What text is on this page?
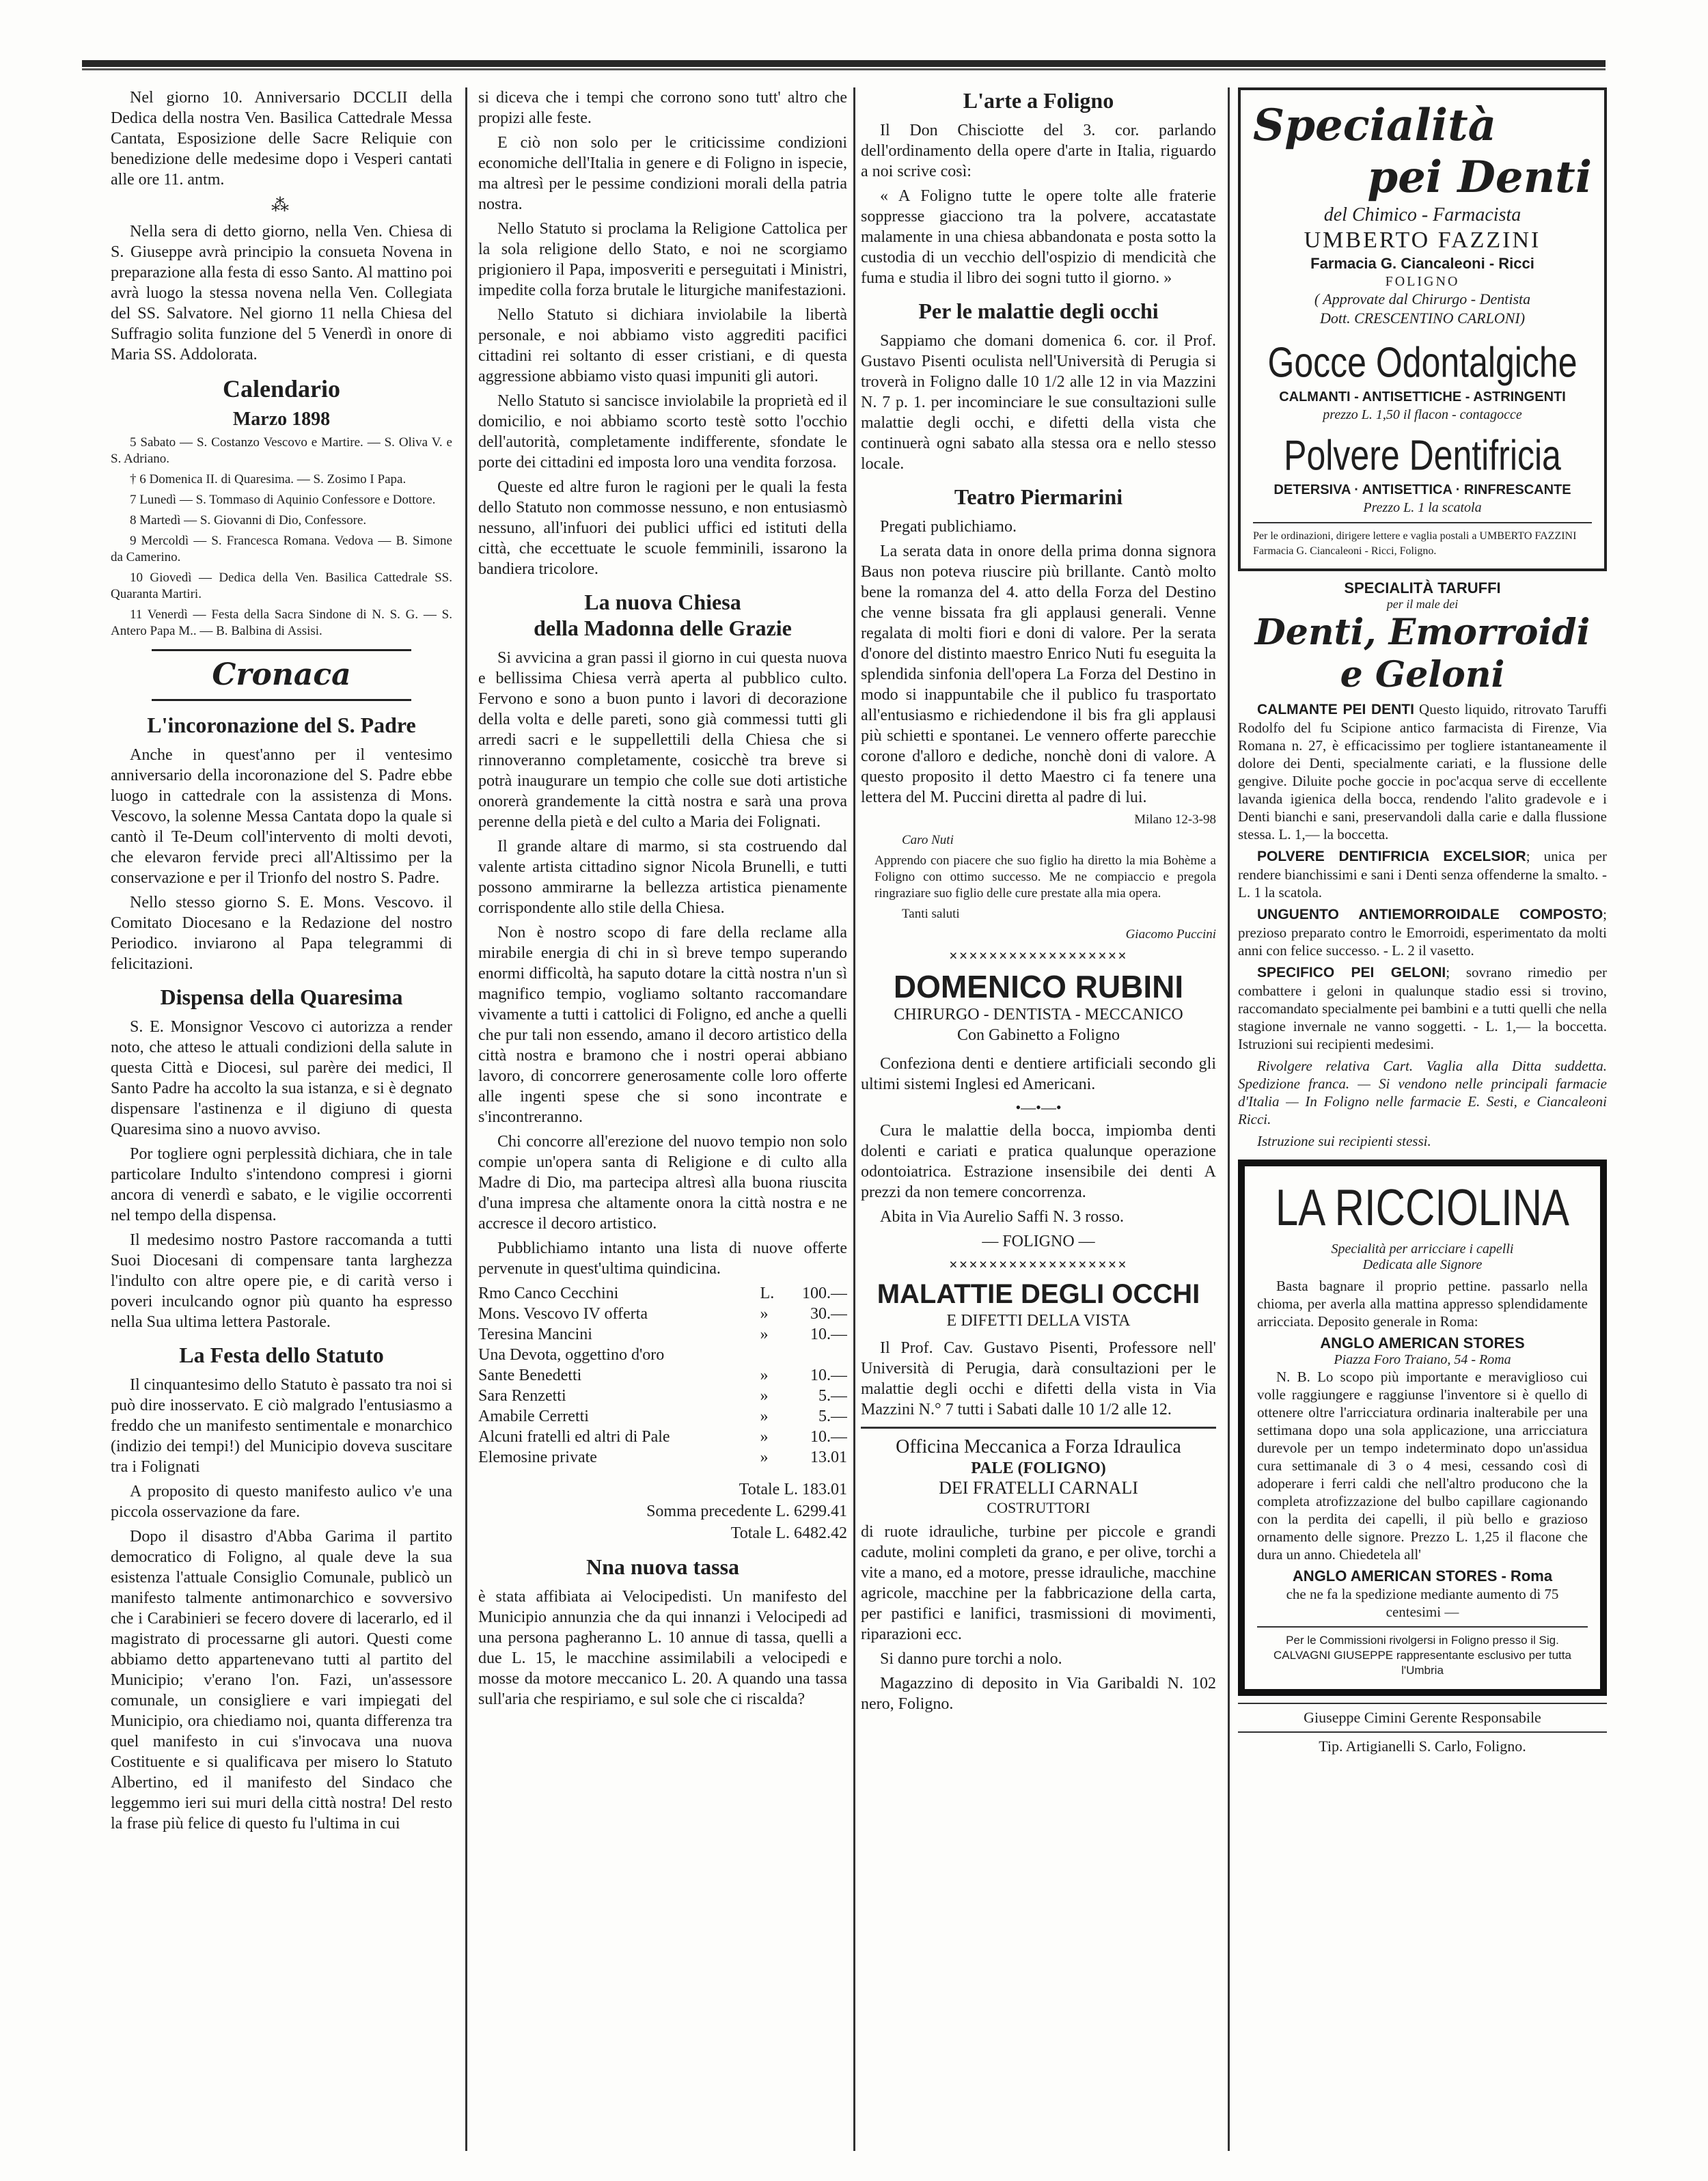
Nel giorno 10. Anniversario DCCLII della Dedica della nostra Ven. Basilica Cattedrale Messa Cantata, Esposizione delle Sacre Reliquie con benedizione delle medesime dopo i Vesperi cantati alle ore 11. antm.

⁂

Nella sera di detto giorno, nella Ven. Chiesa di S. Giuseppe avrà principio la consueta Novena in preparazione alla festa di esso Santo. Al mattino poi avrà luogo la stessa novena nella Ven. Collegiata del SS. Salvatore. Nel giorno 11 nella Chiesa del Suffragio solita funzione del 5 Venerdì in onore di Maria SS. Addolorata.

Calendario
Marzo 1898

5 Sabato — S. Costanzo Vescovo e Martire. — S. Oliva V. e S. Adriano.

† 6 Domenica II. di Quaresima. — S. Zosimo I Papa.

7 Lunedì — S. Tommaso di Aquinio Confessore e Dottore.

8 Martedì — S. Giovanni di Dio, Confessore.

9 Mercoldì — S. Francesca Romana. Vedova — B. Simone da Camerino.

10 Giovedì — Dedica della Ven. Basilica Cattedrale SS. Quaranta Martiri.

11 Venerdì — Festa della Sacra Sindone di N. S. G. — S. Antero Papa M.. — B. Balbina di Assisi.

Cronaca
L'incoronazione del S. Padre

Anche in quest'anno per il ventesimo anniversario della incoronazione del S. Padre ebbe luogo in cattedrale con la assistenza di Mons. Vescovo, la solenne Messa Cantata dopo la quale si cantò il Te-Deum coll'intervento di molti devoti, che elevaron fervide preci all'Altissimo per la conservazione e per il Trionfo del nostro S. Padre.

Nello stesso giorno S. E. Mons. Vescovo. il Comitato Diocesano e la Redazione del nostro Periodico. inviarono al Papa telegrammi di felicitazioni.

Dispensa della Quaresima

S. E. Monsignor Vescovo ci autorizza a render noto, che atteso le attuali condizioni della salute in questa Città e Diocesi, sul parère dei medici, Il Santo Padre ha accolto la sua istanza, e si è degnato dispensare l'astinenza e il digiuno di questa Quaresima sino a nuovo avviso.

Por togliere ogni perplessità dichiara, che in tale particolare Indulto s'intendono compresi i giorni ancora di venerdì e sabato, e le vigilie occorrenti nel tempo della dispensa.

Il medesimo nostro Pastore raccomanda a tutti Suoi Diocesani di compensare tanta larghezza l'indulto con altre opere pie, e di carità verso i poveri inculcando ognor più quanto ha espresso nella Sua ultima lettera Pastorale.

La Festa dello Statuto

Il cinquantesimo dello Statuto è passato tra noi si può dire inosservato. E ciò malgrado l'entusiasmo a freddo che un manifesto sentimentale e monarchico (indizio dei tempi!) del Municipio doveva suscitare tra i Folignati

A proposito di questo manifesto aulico v'e una piccola osservazione da fare.

Dopo il disastro d'Abba Garima il partito democratico di Foligno, al quale deve la sua esistenza l'attuale Consiglio Comunale, publicò un manifesto talmente antimonarchico e sovversivo che i Carabinieri se fecero dovere di lacerarlo, ed il magistrato di processarne gli autori. Questi come abbiamo detto appartenevano tutti al partito del Municipio; v'erano l'on. Fazi, un'assessore comunale, un consigliere e vari impiegati del Municipio, ora chiediamo noi, quanta differenza tra quel manifesto in cui s'invocava una nuova Costituente e si qualificava per misero lo Statuto Albertino, ed il manifesto del Sindaco che leggemmo ieri sui muri della città nostra! Del resto la frase più felice di questo fu l'ultima in cui

si diceva che i tempi che corrono sono tutt' altro che propizi alle feste.

E ciò non solo per le criticissime condizioni economiche dell'Italia in genere e di Foligno in ispecie, ma altresì per le pessime condizioni morali della patria nostra.

Nello Statuto si proclama la Religione Cattolica per la sola religione dello Stato, e noi ne scorgiamo prigioniero il Papa, imposveriti e perseguitati i Ministri, impedite colla forza brutale le liturgiche manifestazioni.

Nello Statuto si dichiara inviolabile la libertà personale, e noi abbiamo visto aggrediti pacifici cittadini rei soltanto di esser cristiani, e di questa aggressione abbiamo visto quasi impuniti gli autori.

Nello Statuto si sancisce inviolabile la proprietà ed il domicilio, e noi abbiamo scorto testè sotto l'occhio dell'autorità, completamente indifferente, sfondate le porte dei cittadini ed imposta loro una vendita forzosa.

Queste ed altre furon le ragioni per le quali la festa dello Statuto non commosse nessuno, e non entusiasmò nessuno, all'infuori dei publici uffici ed istituti della città, che eccettuate le scuole femminili, issarono la bandiera tricolore.

La nuova Chiesa
della Madonna delle Grazie

Si avvicina a gran passi il giorno in cui questa nuova e bellissima Chiesa verrà aperta al pubblico culto. Fervono e sono a buon punto i lavori di decorazione della volta e delle pareti, sono già commessi tutti gli arredi sacri e le suppellettili della Chiesa che si rinnoveranno completamente, cosicchè tra breve si potrà inaugurare un tempio che colle sue doti artistiche onorerà grandemente la città nostra e sarà una prova perenne della pietà e del culto a Maria dei Folignati.

Il grande altare di marmo, si sta costruendo dal valente artista cittadino signor Nicola Brunelli, e tutti possono ammirarne la bellezza artistica pienamente corrispondente allo stile della Chiesa.

Non è nostro scopo di fare della reclame alla mirabile energia di chi in sì breve tempo superando enormi difficoltà, ha saputo dotare la città nostra n'un sì magnifico tempio, vogliamo soltanto raccomandare vivamente a tutti i cattolici di Foligno, ed anche a quelli che pur tali non essendo, amano il decoro artistico della città nostra e bramono che i nostri operai abbiano lavoro, di concorrere generosamente colle loro offerte alle ingenti spese che si sono incontrate e s'incontreranno.

Chi concorre all'erezione del nuovo tempio non solo compie un'opera santa di Religione e di culto alla Madre di Dio, ma partecipa altresì alla buona riuscita d'una impresa che altamente onora la città nostra e ne accresce il decoro artistico.

Pubblichiamo intanto una lista di nuove offerte pervenute in quest'ultima quindicina.

Rmo Canco Cecchini	L.	100.—
Mons. Vescovo IV offerta	»	30.—
Teresina Mancini	»	10.—
Una Devota, oggettino d'oro		
Sante Benedetti	»	10.—
Sara Renzetti	»	5.—
Amabile Cerretti	»	5.—
Alcuni fratelli ed altri di Pale	»	10.—
Elemosine private	»	13.01

Totale L. 183.01

Somma precedente L. 6299.41

Totale L. 6482.42

Nna nuova tassa

è stata affibiata ai Velocipedisti. Un manifesto del Municipio annunzia che da qui innanzi i Velocipedi ad una persona pagheranno L. 10 annue di tassa, quelli a due L. 15, le macchine assimilabili a velocipedi e mosse da motore meccanico L. 20. A quando una tassa sull'aria che respiriamo, e sul sole che ci riscalda?

L'arte a Foligno

Il Don Chisciotte del 3. cor. parlando dell'ordinamento della opere d'arte in Italia, riguardo a noi scrive così:

« A Foligno tutte le opere tolte alle fraterie soppresse giacciono tra la polvere, accatastate malamente in una chiesa abbandonata e posta sotto la custodia di un vecchio dell'ospizio di mendicità che fuma e studia il libro dei sogni tutto il giorno. »

Per le malattie degli occhi

Sappiamo che domani domenica 6. cor. il Prof. Gustavo Pisenti oculista nell'Università di Perugia si troverà in Foligno dalle 10 1/2 alle 12 in via Mazzini N. 7 p. 1. per incominciare le sue consultazioni sulle malattie degli occhi, e difetti della vista che continuerà ogni sabato alla stessa ora e nello stesso locale.

Teatro Piermarini

Pregati publichiamo.

La serata data in onore della prima donna signora Baus non poteva riuscire più brillante. Cantò molto bene la romanza del 4. atto della Forza del Destino che venne bissata fra gli applausi generali. Venne regalata di molti fiori e doni di valore. Per la serata d'onore del distinto maestro Enrico Nuti fu eseguita la splendida sinfonia dell'opera La Forza del Destino in modo si inappuntabile che il publico fu trasportato all'entusiasmo e richiedendone il bis fra gli applausi più schietti e spontanei. Le vennero offerte parecchie corone d'alloro e dediche, nonchè doni di valore. A questo proposito il detto Maestro ci fa tenere una lettera del M. Puccini diretta al padre di lui.

Milano 12-3-98

Caro Nuti

Apprendo con piacere che suo figlio ha diretto la mia Bohème a Foligno con ottimo successo. Me ne compiaccio e pregola ringraziare suo figlio delle cure prestate alla mia opera.

Tanti saluti

Giacomo Puccini

××××××××××××××××××
DOMENICO RUBINI
CHIRURGO - DENTISTA - MECCANICO
Con Gabinetto a Foligno

Confeziona denti e dentiere artificiali secondo gli ultimi sistemi Inglesi ed Americani.

•—•—•

Cura le malattie della bocca, impiomba denti dolenti e cariati e pratica qualunque operazione odontoiatrica. Estrazione insensibile dei denti A prezzi da non temere concorrenza.

Abita in Via Aurelio Saffi N. 3 rosso.

— FOLIGNO —

××××××××××××××××××
MALATTIE DEGLI OCCHI
E DIFETTI DELLA VISTA

Il Prof. Cav. Gustavo Pisenti, Professore nell' Università di Perugia, darà consultazioni per le malattie degli occhi e difetti della vista in Via Mazzini N.° 7 tutti i Sabati dalle 10 1/2 alle 12.

Officina Meccanica a Forza Idraulica
PALE (FOLIGNO)
DEI FRATELLI CARNALI
COSTRUTTORI

di ruote idrauliche, turbine per piccole e grandi cadute, molini completi da grano, e per olive, torchi a vite a mano, ed a motore, presse idrauliche, macchine agricole, macchine per la fabbricazione della carta, per pastifici e lanifici, trasmissioni di movimenti, riparazioni ecc.

Si danno pure torchi a nolo.

Magazzino di deposito in Via Garibaldi N. 102 nero, Foligno.

Specialità
pei Denti
del Chimico - Farmacista
UMBERTO FAZZINI
Farmacia G. Ciancaleoni - Ricci
FOLIGNO
( Approvate dal Chirurgo - Dentista
Dott. CRESCENTINO CARLONI)
Gocce Odontalgiche
CALMANTI - ANTISETTICHE - ASTRINGENTI
prezzo L. 1,50 il flacon - contagocce
Polvere Dentifricia
DETERSIVA · ANTISETTICA · RINFRESCANTE
Prezzo L. 1 la scatola
Per le ordinazioni, dirigere lettere e vaglia postali a UMBERTO FAZZINI Farmacia G. Ciancaleoni - Ricci, Foligno.
SPECIALITÀ TARUFFI
per il male dei
Denti, Emorroidi
e Geloni

CALMANTE PEI DENTI Questo liquido, ritrovato Taruffi Rodolfo del fu Scipione antico farmacista di Firenze, Via Romana n. 27, è efficacissimo per togliere istantaneamente il dolore dei Denti, specialmente cariati, e la flussione delle gengive. Diluite poche goccie in poc'acqua serve di eccellente lavanda igienica della bocca, rendendo l'alito gradevole e i Denti bianchi e sani, preservandoli dalla carie e dalla flussione stessa. L. 1,— la boccetta.

POLVERE DENTIFRICIA EXCELSIOR; unica per rendere bianchissimi e sani i Denti senza offenderne la smalto. - L. 1 la scatola.

UNGUENTO ANTIEMORROIDALE COMPOSTO; prezioso preparato contro le Emorroidi, esperimentato da molti anni con felice successo. - L. 2 il vasetto.

SPECIFICO PEI GELONI; sovrano rimedio per combattere i geloni in qualunque stadio essi si trovino, raccomandato specialmente pei bambini e a tutti quelli che nella stagione invernale ne vanno soggetti. - L. 1,— la boccetta. Istruzioni sui recipienti medesimi.

Rivolgere relativa Cart. Vaglia alla Ditta suddetta. Spedizione franca. — Si vendono nelle principali farmacie d'Italia — In Foligno nelle farmacie E. Sesti, e Ciancaleoni Ricci.

Istruzione sui recipienti stessi.

LA RICCIOLINA
Specialità per arricciare i capelli
Dedicata alle Signore

Basta bagnare il proprio pettine. passarlo nella chioma, per averla alla mattina appresso splendidamente arricciata. Deposito generale in Roma:

ANGLO AMERICAN STORES
Piazza Foro Traiano, 54 - Roma

N. B. Lo scopo più importante e meraviglioso cui volle raggiungere e raggiunse l'inventore si è quello di ottenere oltre l'arricciatura ordinaria inalterabile per una settimana dopo una sola applicazione, una arricciatura durevole per un tempo indeterminato dopo un'assidua cura settimanale di 3 o 4 mesi, cessando così di adoperare i ferri caldi che nell'altro producono che la completa atrofizzazione del bulbo capillare cagionando con la perdita dei capelli, il più bello e grazioso ornamento delle signore. Prezzo L. 1,25 il flacone che dura un anno. Chiedetela all'

ANGLO AMERICAN STORES - Roma

che ne fa la spedizione mediante aumento di 75 centesimi —

Per le Commissioni rivolgersi in Foligno presso il Sig. CALVAGNI GIUSEPPE rappresentante esclusivo per tutta l'Umbria
Giuseppe Cimini Gerente Responsabile
Tip. Artigianelli S. Carlo, Foligno.
